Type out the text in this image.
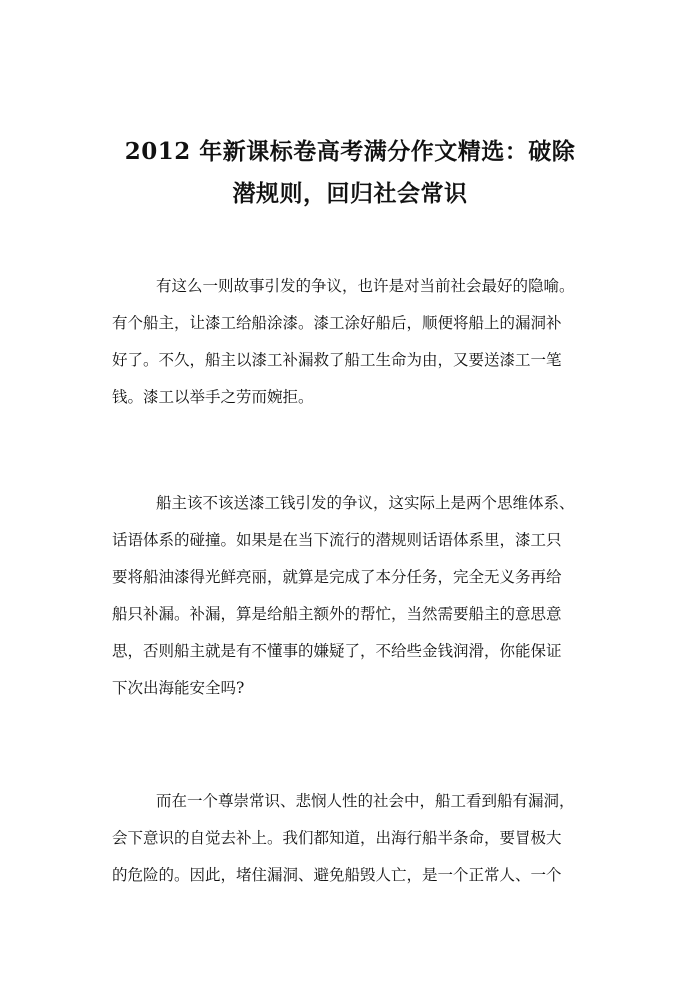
2012 年新课标卷高考满分作文精选：破除
潜规则，回归社会常识
有这么一则故事引发的争议，也许是对当前社会最好的隐喻。
有个船主，让漆工给船涂漆。漆工涂好船后，顺便将船上的漏洞补
好了。不久，船主以漆工补漏救了船工生命为由，又要送漆工一笔
钱。漆工以举手之劳而婉拒。
船主该不该送漆工钱引发的争议，这实际上是两个思维体系、
话语体系的碰撞。如果是在当下流行的潜规则话语体系里，漆工只
要将船油漆得光鲜亮丽，就算是完成了本分任务，完全无义务再给
船只补漏。补漏，算是给船主额外的帮忙，当然需要船主的意思意
思，否则船主就是有不懂事的嫌疑了，不给些金钱润滑，你能保证
下次出海能安全吗?
而在一个尊崇常识、悲悯人性的社会中，船工看到船有漏洞，
会下意识的自觉去补上。我们都知道，出海行船半条命，要冒极大
的危险的。因此，堵住漏洞、避免船毁人亡，是一个正常人、一个
